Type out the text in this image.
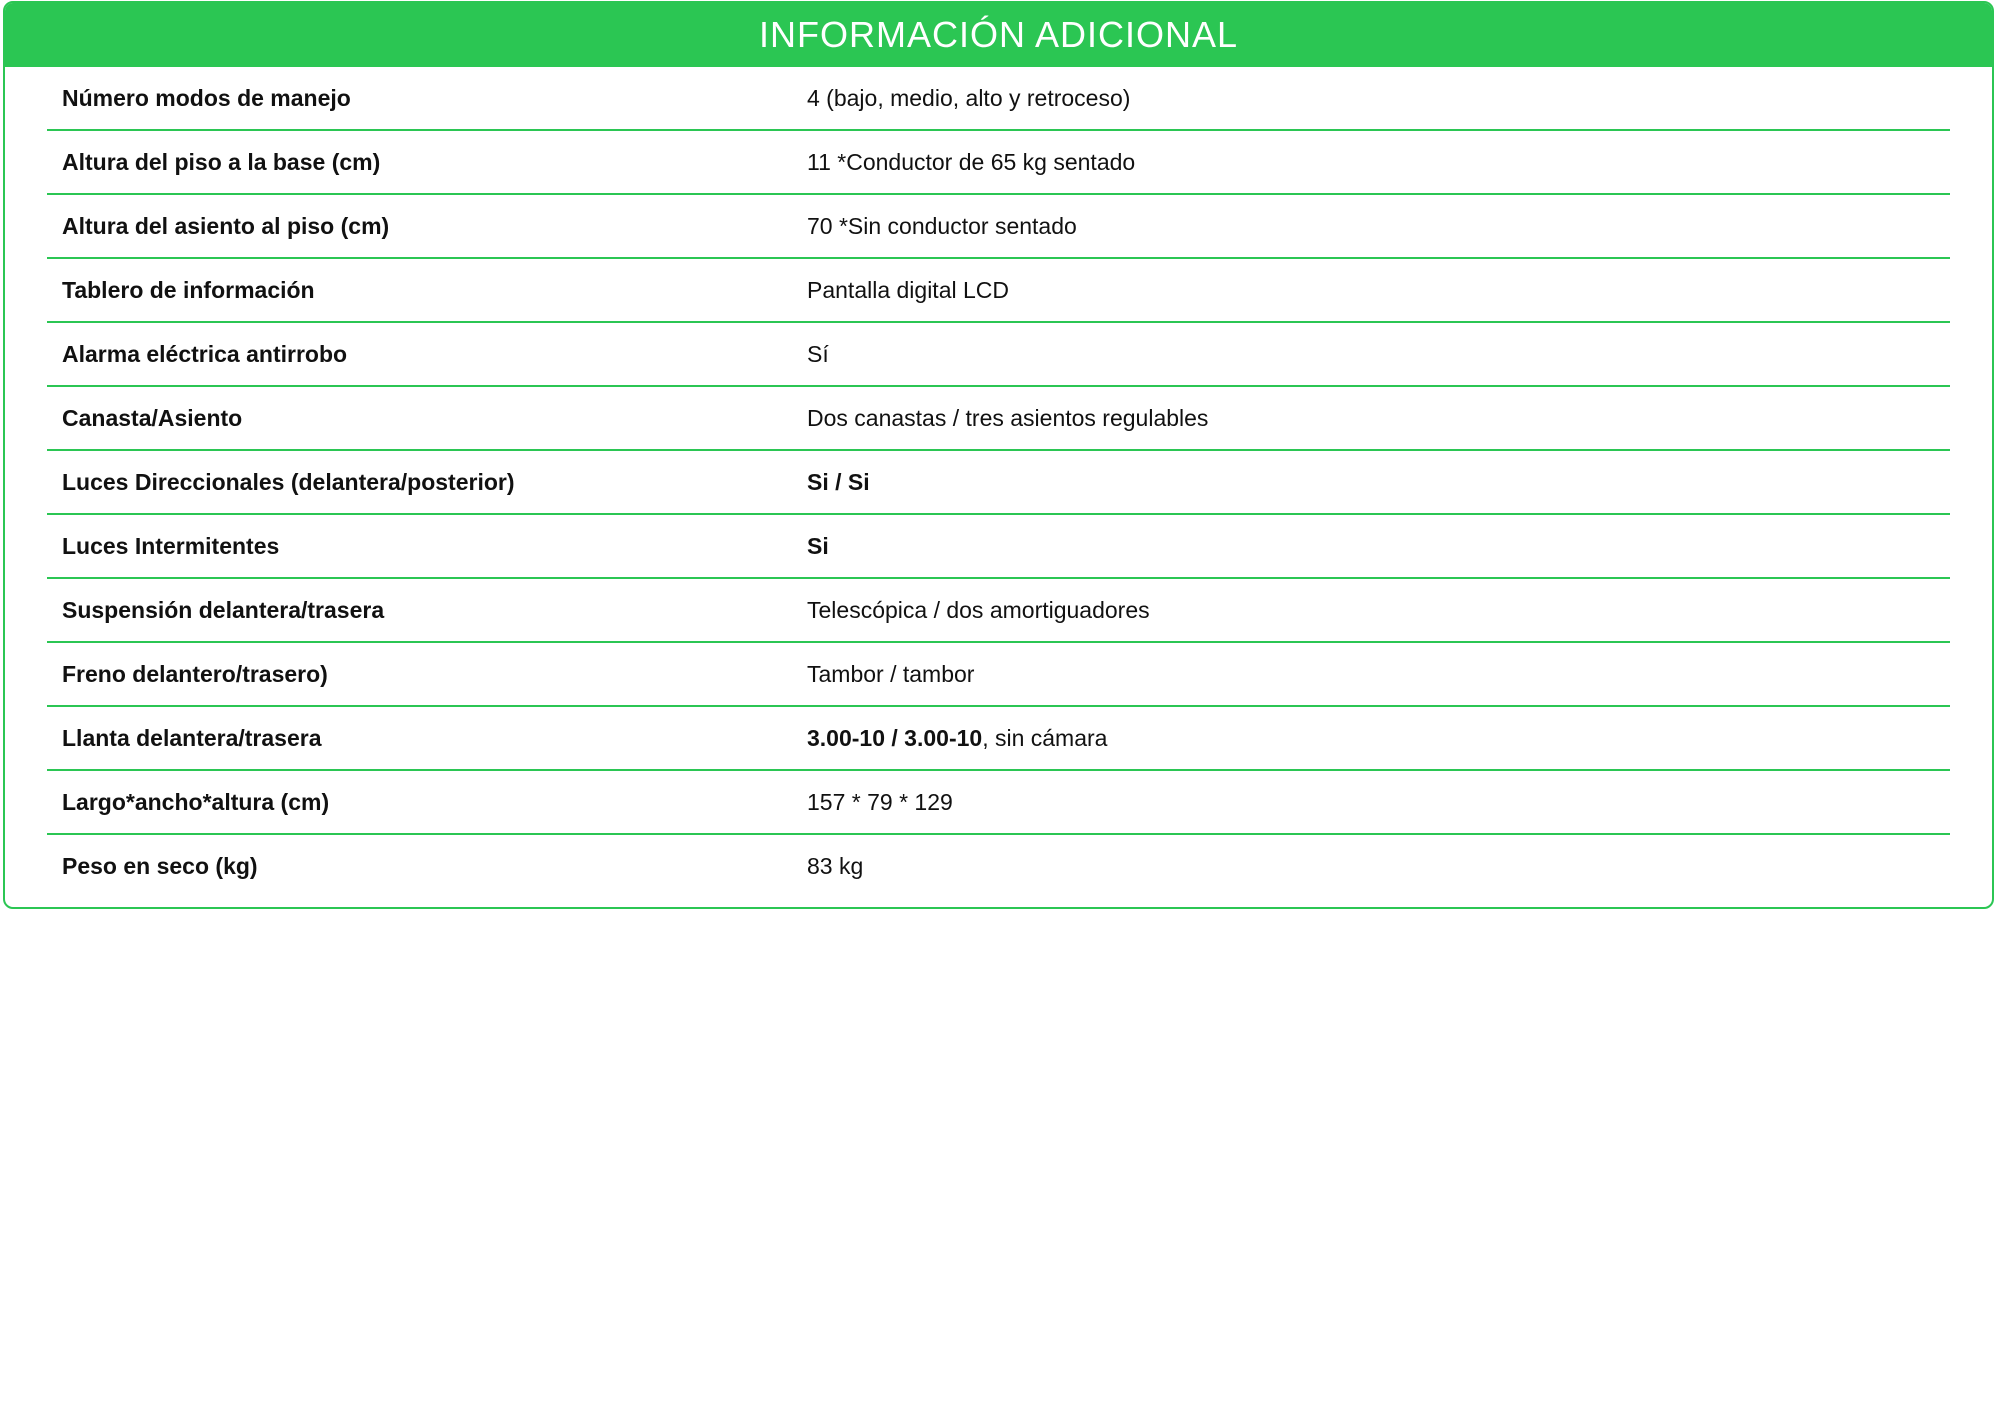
INFORMACIÓN ADICIONAL
Número modos de manejo	4 (bajo, medio, alto y retroceso)
Altura del piso a la base (cm)	11 *Conductor de 65 kg sentado
Altura del asiento al piso (cm)	70 *Sin conductor sentado
Tablero de información	Pantalla digital LCD
Alarma eléctrica antirrobo	Sí
Canasta/Asiento	Dos canastas / tres asientos regulables
Luces Direccionales (delantera/posterior)	Si / Si
Luces Intermitentes	Si
Suspensión delantera/trasera	Telescópica / dos amortiguadores
Freno delantero/trasero)	Tambor / tambor
Llanta delantera/trasera	3.00-10 / 3.00-10, sin cámara
Largo*ancho*altura (cm)	157 * 79 * 129
Peso en seco (kg)	83 kg
